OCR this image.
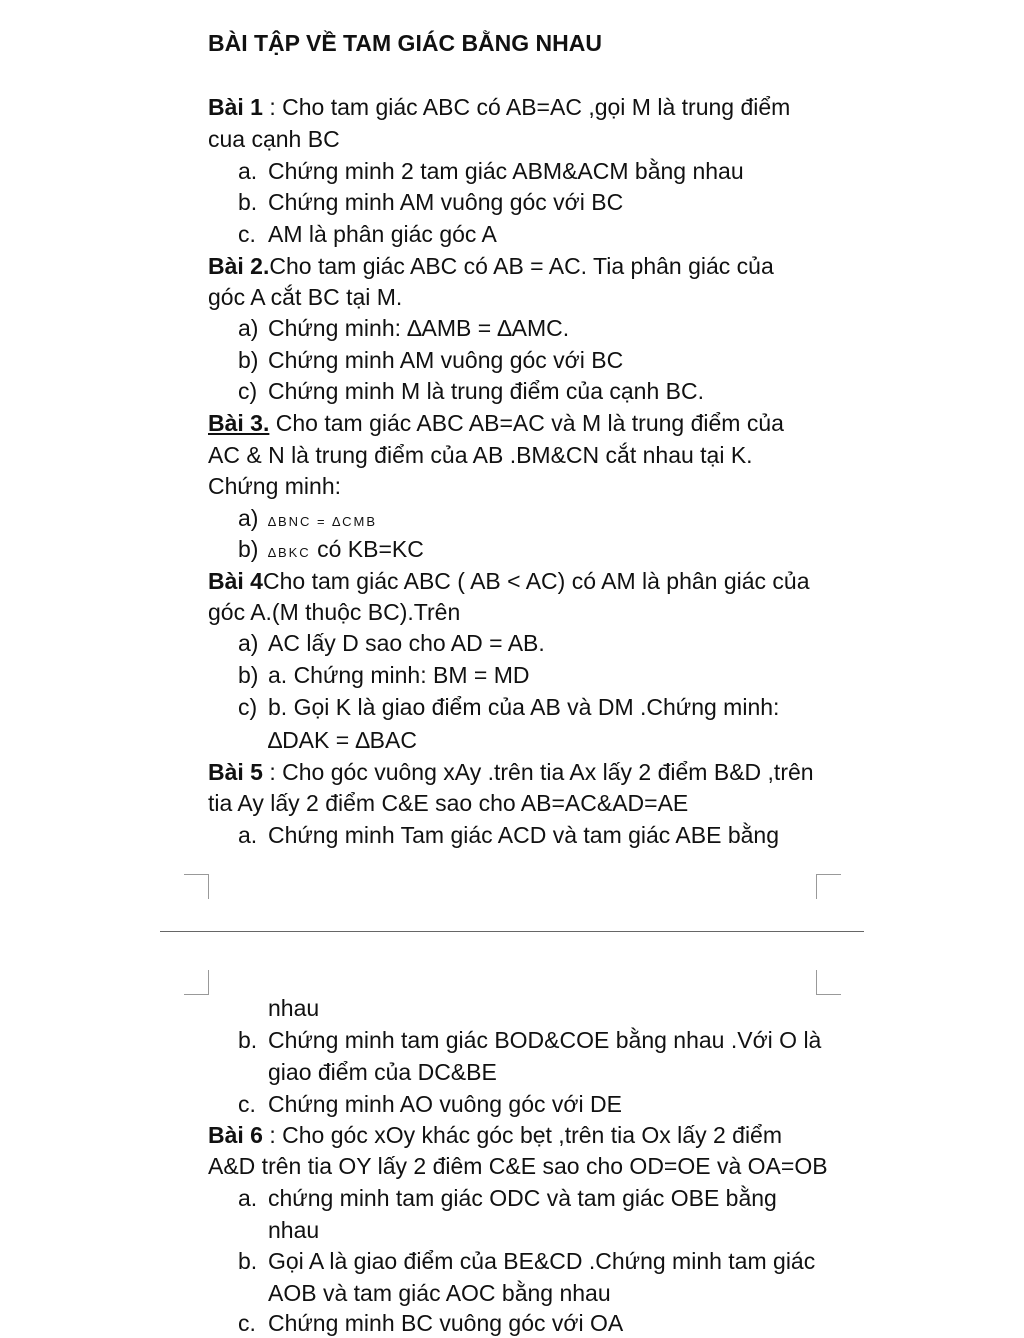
BÀI TẬP VỀ TAM GIÁC BẰNG NHAU
Bài 1 : Cho tam giác ABC có AB=AC ,gọi M là trung điểm
cua cạnh BC
a. Chứng minh 2 tam giác ABM&ACM bằng nhau
b. Chứng minh AM vuông góc với BC
c. AM là phân giác góc A
Bài 2.Cho tam giác ABC có AB = AC. Tia phân giác của
góc A cắt BC tại M.
a) Chứng minh: ∆AMB = ∆AMC.
b) Chứng minh AM vuông góc với BC
c) Chứng minh M là trung điểm của cạnh BC.
Bài 3. Cho tam giác ABC AB=AC và M là trung điểm của
AC & N là trung điểm của AB .BM&CN cắt nhau tại K.
Chứng minh:
a) ∆BNC = ∆CMB
b) ∆BKC có KB=KC
Bài 4Cho tam giác ABC ( AB < AC) có AM là phân giác của
góc A.(M thuộc BC).Trên
a) AC lấy D sao cho AD = AB.
b) a. Chứng minh: BM = MD
c) b. Gọi K là giao điểm của AB và DM .Chứng minh:
∆DAK = ∆BAC
Bài 5 : Cho góc vuông xAy .trên tia Ax lấy 2 điểm B&D ,trên
tia Ay lấy 2 điểm C&E sao cho AB=AC&AD=AE
a. Chứng minh Tam giác ACD và tam giác ABE bằng
nhau
b. Chứng minh tam giác BOD&COE bằng nhau .Với O là
giao điểm của DC&BE
c. Chứng minh AO vuông góc với DE
Bài 6 : Cho góc xOy khác góc bẹt ,trên tia Ox lấy 2 điểm
A&D trên tia OY lấy 2 điêm C&E sao cho OD=OE và OA=OB
a. chứng minh tam giác ODC và tam giác OBE bằng
nhau
b. Gọi A là giao điểm của BE&CD .Chứng minh tam giác
AOB và tam giác AOC bằng nhau
c. Chứng minh BC vuông góc với OA
